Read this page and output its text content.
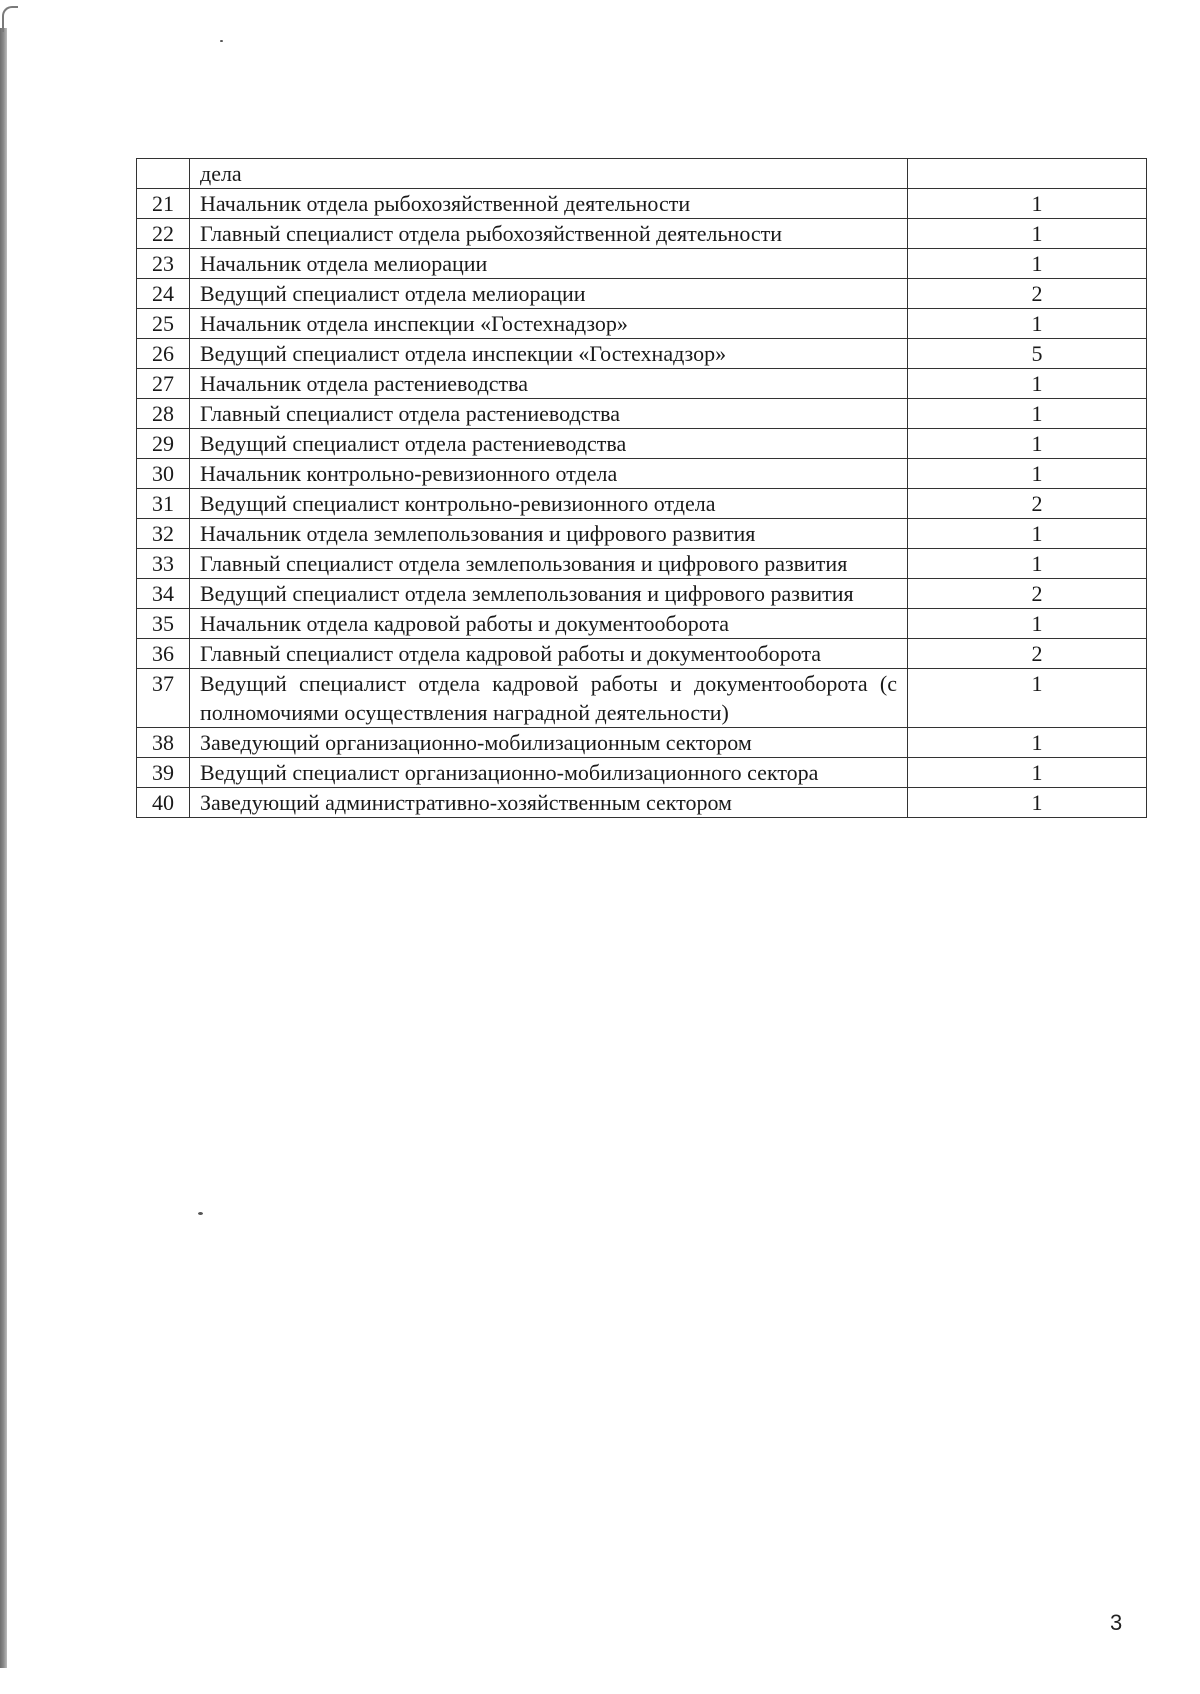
	дела	
21	Начальник отдела рыбохозяйственной деятельности	1
22	Главный специалист отдела рыбохозяйственной деятельности	1
23	Начальник отдела мелиорации	1
24	Ведущий специалист отдела мелиорации	2
25	Начальник отдела инспекции «Гостехнадзор»	1
26	Ведущий специалист отдела инспекции «Гостехнадзор»	5
27	Начальник отдела растениеводства	1
28	Главный специалист отдела растениеводства	1
29	Ведущий специалист отдела растениеводства	1
30	Начальник контрольно-ревизионного отдела	1
31	Ведущий специалист контрольно-ревизионного отдела	2
32	Начальник отдела землепользования и цифрового развития	1
33	Главный специалист отдела землепользования и цифрового развития	1
34	Ведущий специалист отдела землепользования и цифрового развития	2
35	Начальник отдела кадровой работы и документооборота	1
36	Главный специалист отдела кадровой работы и документооборота	2
37	Ведущий специалист отдела кадровой работы и документооборота (с полномочиями осуществления наградной деятельности)	1
38	Заведующий организационно-мобилизационным сектором	1
39	Ведущий специалист организационно-мобилизационного сектора	1
40	Заведующий административно-хозяйственным сектором	1
3
